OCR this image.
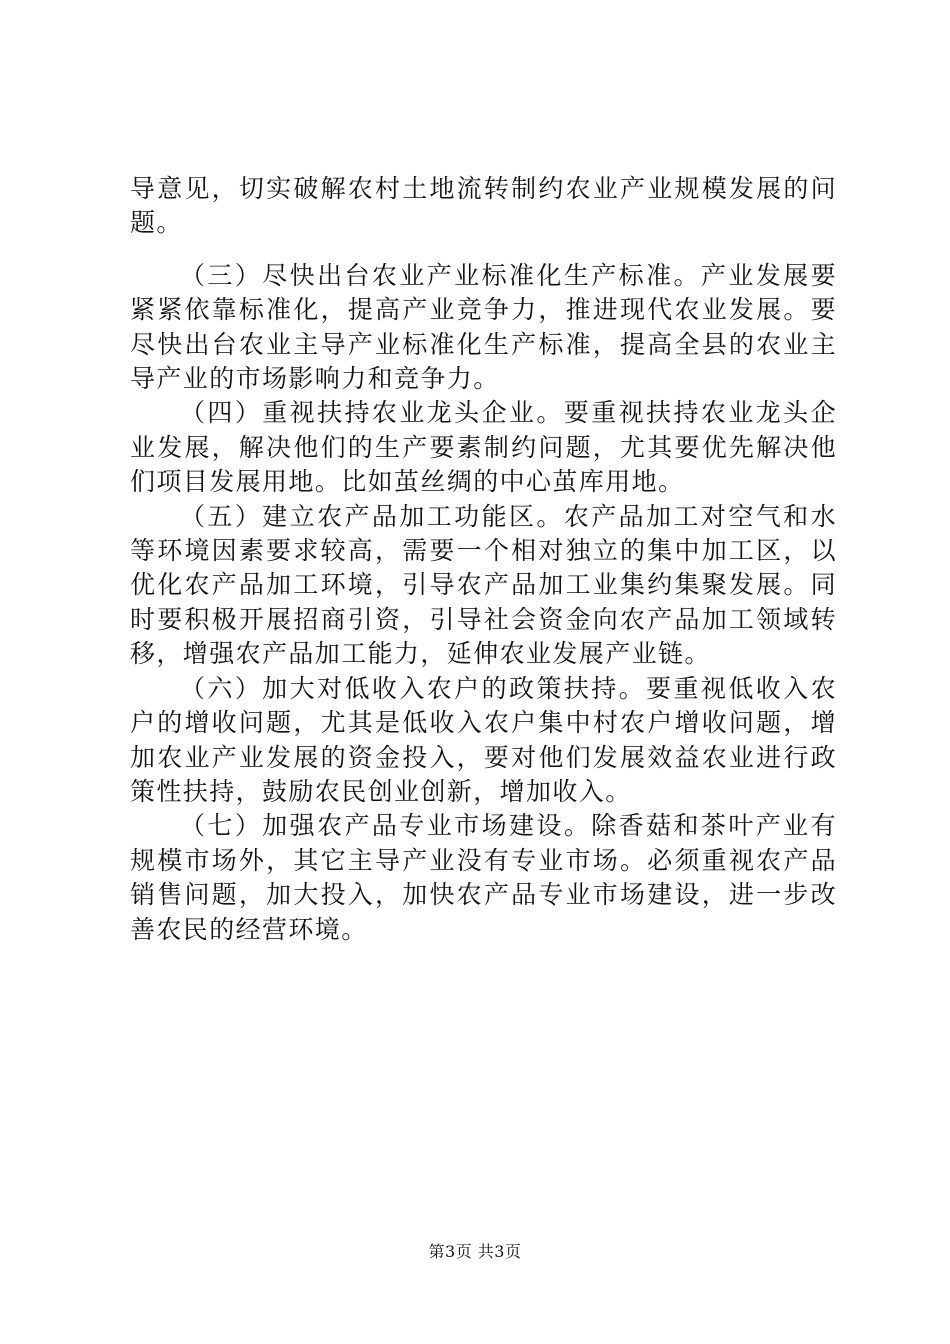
导意见，切实破解农村土地流转制约农业产业规模发展的问题。

（三）尽快出台农业产业标准化生产标准。产业发展要紧紧依靠标准化，提高产业竞争力，推进现代农业发展。要尽快出台农业主导产业标准化生产标准，提高全县的农业主导产业的市场影响力和竞争力。

（四）重视扶持农业龙头企业。要重视扶持农业龙头企业发展，解决他们的生产要素制约问题，尤其要优先解决他们项目发展用地。比如茧丝绸的中心茧库用地。

（五）建立农产品加工功能区。农产品加工对空气和水等环境因素要求较高，需要一个相对独立的集中加工区，以优化农产品加工环境，引导农产品加工业集约集聚发展。同时要积极开展招商引资，引导社会资金向农产品加工领域转移，增强农产品加工能力，延伸农业发展产业链。

（六）加大对低收入农户的政策扶持。要重视低收入农户的增收问题，尤其是低收入农户集中村农户增收问题，增加农业产业发展的资金投入，要对他们发展效益农业进行政策性扶持，鼓励农民创业创新，增加收入。

（七）加强农产品专业市场建设。除香菇和茶叶产业有规模市场外，其它主导产业没有专业市场。必须重视农产品销售问题，加大投入，加快农产品专业市场建设，进一步改善农民的经营环境。

第3页 共3页
